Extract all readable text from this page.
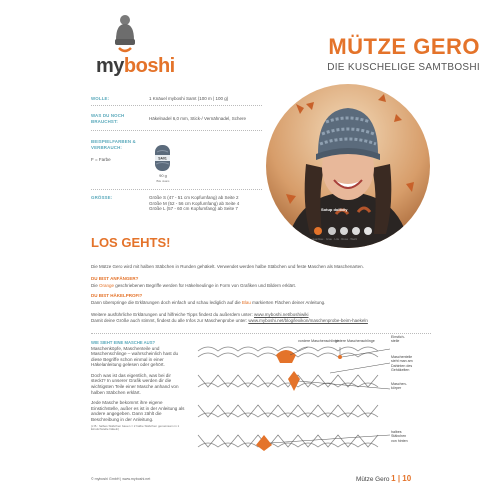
myboshi
MÜTZE GERO
DIE KUSCHELIGE SAMTBOSHI
WOLLE:	1 Knäuel myboshi Samt (100 m | 100 g)
WAS DU NOCH
BRAUCHST:
Häkelnadel 6,0 mm, Stick-/ Vernähnadel, Schere
BEISPIELFARBEN &
VERBRAUCH:
F = Farbe	SA01
90 g
Bile Jeans
GRÖSSE:	Größe S (47 - 51 cm Kopfumfang) ab Seite 2
Größe M (52 - 56 cm Kopfumfang) ab Seite 4
Größe L (57 - 60 cm Kopfumfang) ab Seite 7	Sotup dollbily
Jeanblau · Grau · Lila · Rosa · Weiß
LOS GEHTS!
Die Mütze Gero wird mit halben Stäbchen in Runden gehäkelt. Verwendet werden halbe Stäbchen und feste Maschen als Maschenarten.
DU BIST ANFÄNGER?
Die Orange geschriebenen Begriffe werden für Häkelneulinge in Form von Grafiken und Bildern erklärt.
DU BIST HÄKELPROFI?
Dann überspringe die Erklärungen doch einfach und schau lediglich auf die Blau markierten Flächen deiner Anleitung.
Weitere ausführliche Erklärungen und hilfreiche Tipps findest du außerdem unter: www.myboshi.net/boshiwiki
Damit deine Größe auch stimmt, findest du alle Infos zur Maschenprobe unter: www.myboshi.net/blog/lexikon/maschenprobe-beim-haekeln
WIE SIEHT EINE MASCHE AUS?
Maschenköpfe, Maschenteile und Maschenschlinge – wahrscheinlich hast du diese Begriffe schon einmal in einer Häkelanleitung gelesen oder gehört.
Doch was ist das eigentlich, was bei dir steckt? In unserer Grafik werden dir die wichtigsten Teile einer Masche anhand von halben Stäbchen erklärt.
Jede Masche bekommt ihre eigene Einstichstelle, außer es ist in der Anleitung als andere angegeben. Dann zählt die Beschreibung in der Anleitung.
(z.B.: halbes Stäbchen bauen = 2 halbe Stäbchen gemeinsam in 1 Einstichstelle häkeln)
vordere Maschenschlinge
hintere Maschenschlinge
Einstich-
stelle
Maschenteile
sieht man am
Dahinten des
Gehäkelten
Maschen-
körper
halbes
Stäbchen
von hinten
© myboshi GmbH | www.myboshi.net	Mütze Gero 1 | 10
